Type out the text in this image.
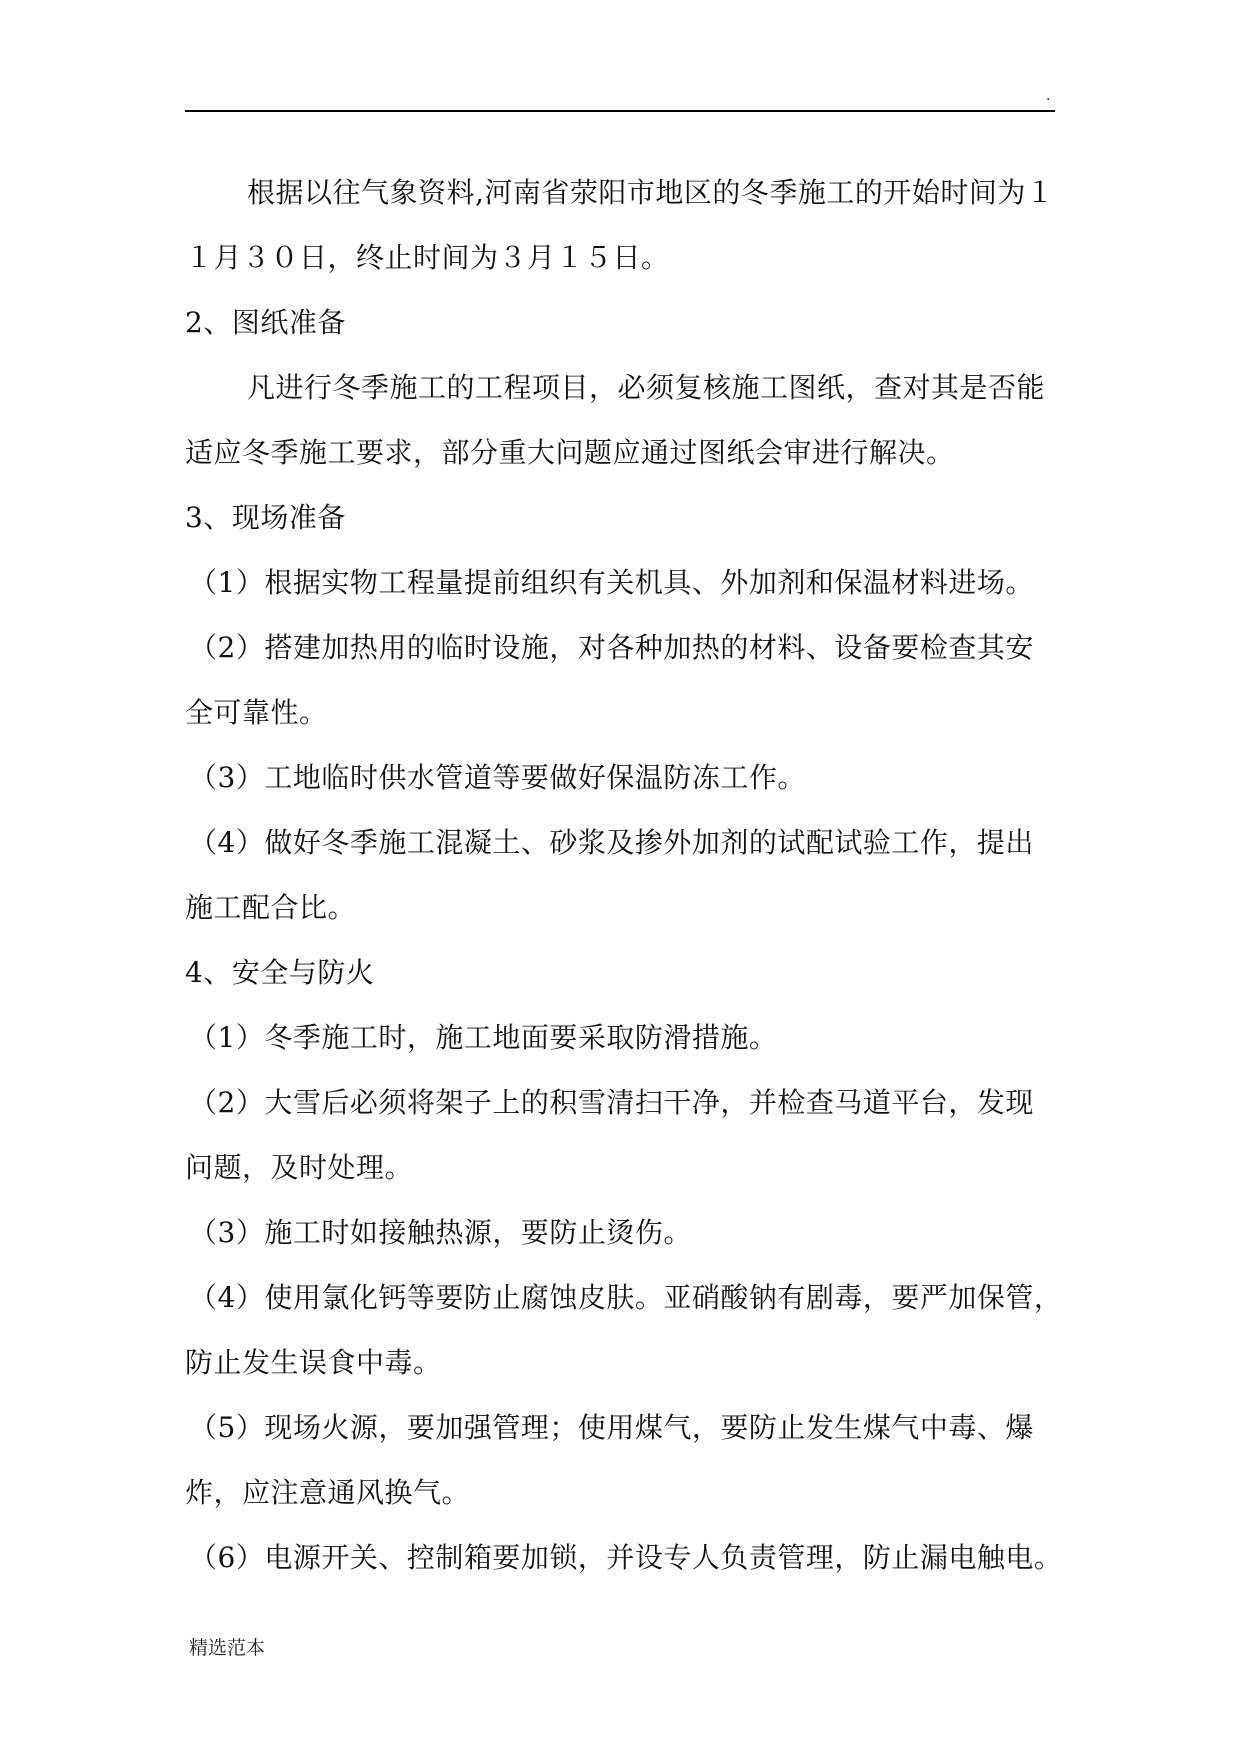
.
根据以往气象资料,河南省荥阳市地区的冬季施工的开始时间为１
１月３０日，终止时间为３月１５日。
2、图纸准备
凡进行冬季施工的工程项目，必须复核施工图纸，查对其是否能
适应冬季施工要求，部分重大问题应通过图纸会审进行解决。
3、现场准备
（1）根据实物工程量提前组织有关机具、外加剂和保温材料进场。
（2）搭建加热用的临时设施，对各种加热的材料、设备要检查其安
全可靠性。
（3）工地临时供水管道等要做好保温防冻工作。
（4）做好冬季施工混凝土、砂浆及掺外加剂的试配试验工作，提出
施工配合比。
4、安全与防火
（1）冬季施工时，施工地面要采取防滑措施。
（2）大雪后必须将架子上的积雪清扫干净，并检查马道平台，发现
问题，及时处理。
（3）施工时如接触热源，要防止烫伤。
（4）使用氯化钙等要防止腐蚀皮肤。亚硝酸钠有剧毒，要严加保管，
防止发生误食中毒。
（5）现场火源，要加强管理；使用煤气，要防止发生煤气中毒、爆
炸，应注意通风换气。
（6）电源开关、控制箱要加锁，并设专人负责管理，防止漏电触电。
精选范本
